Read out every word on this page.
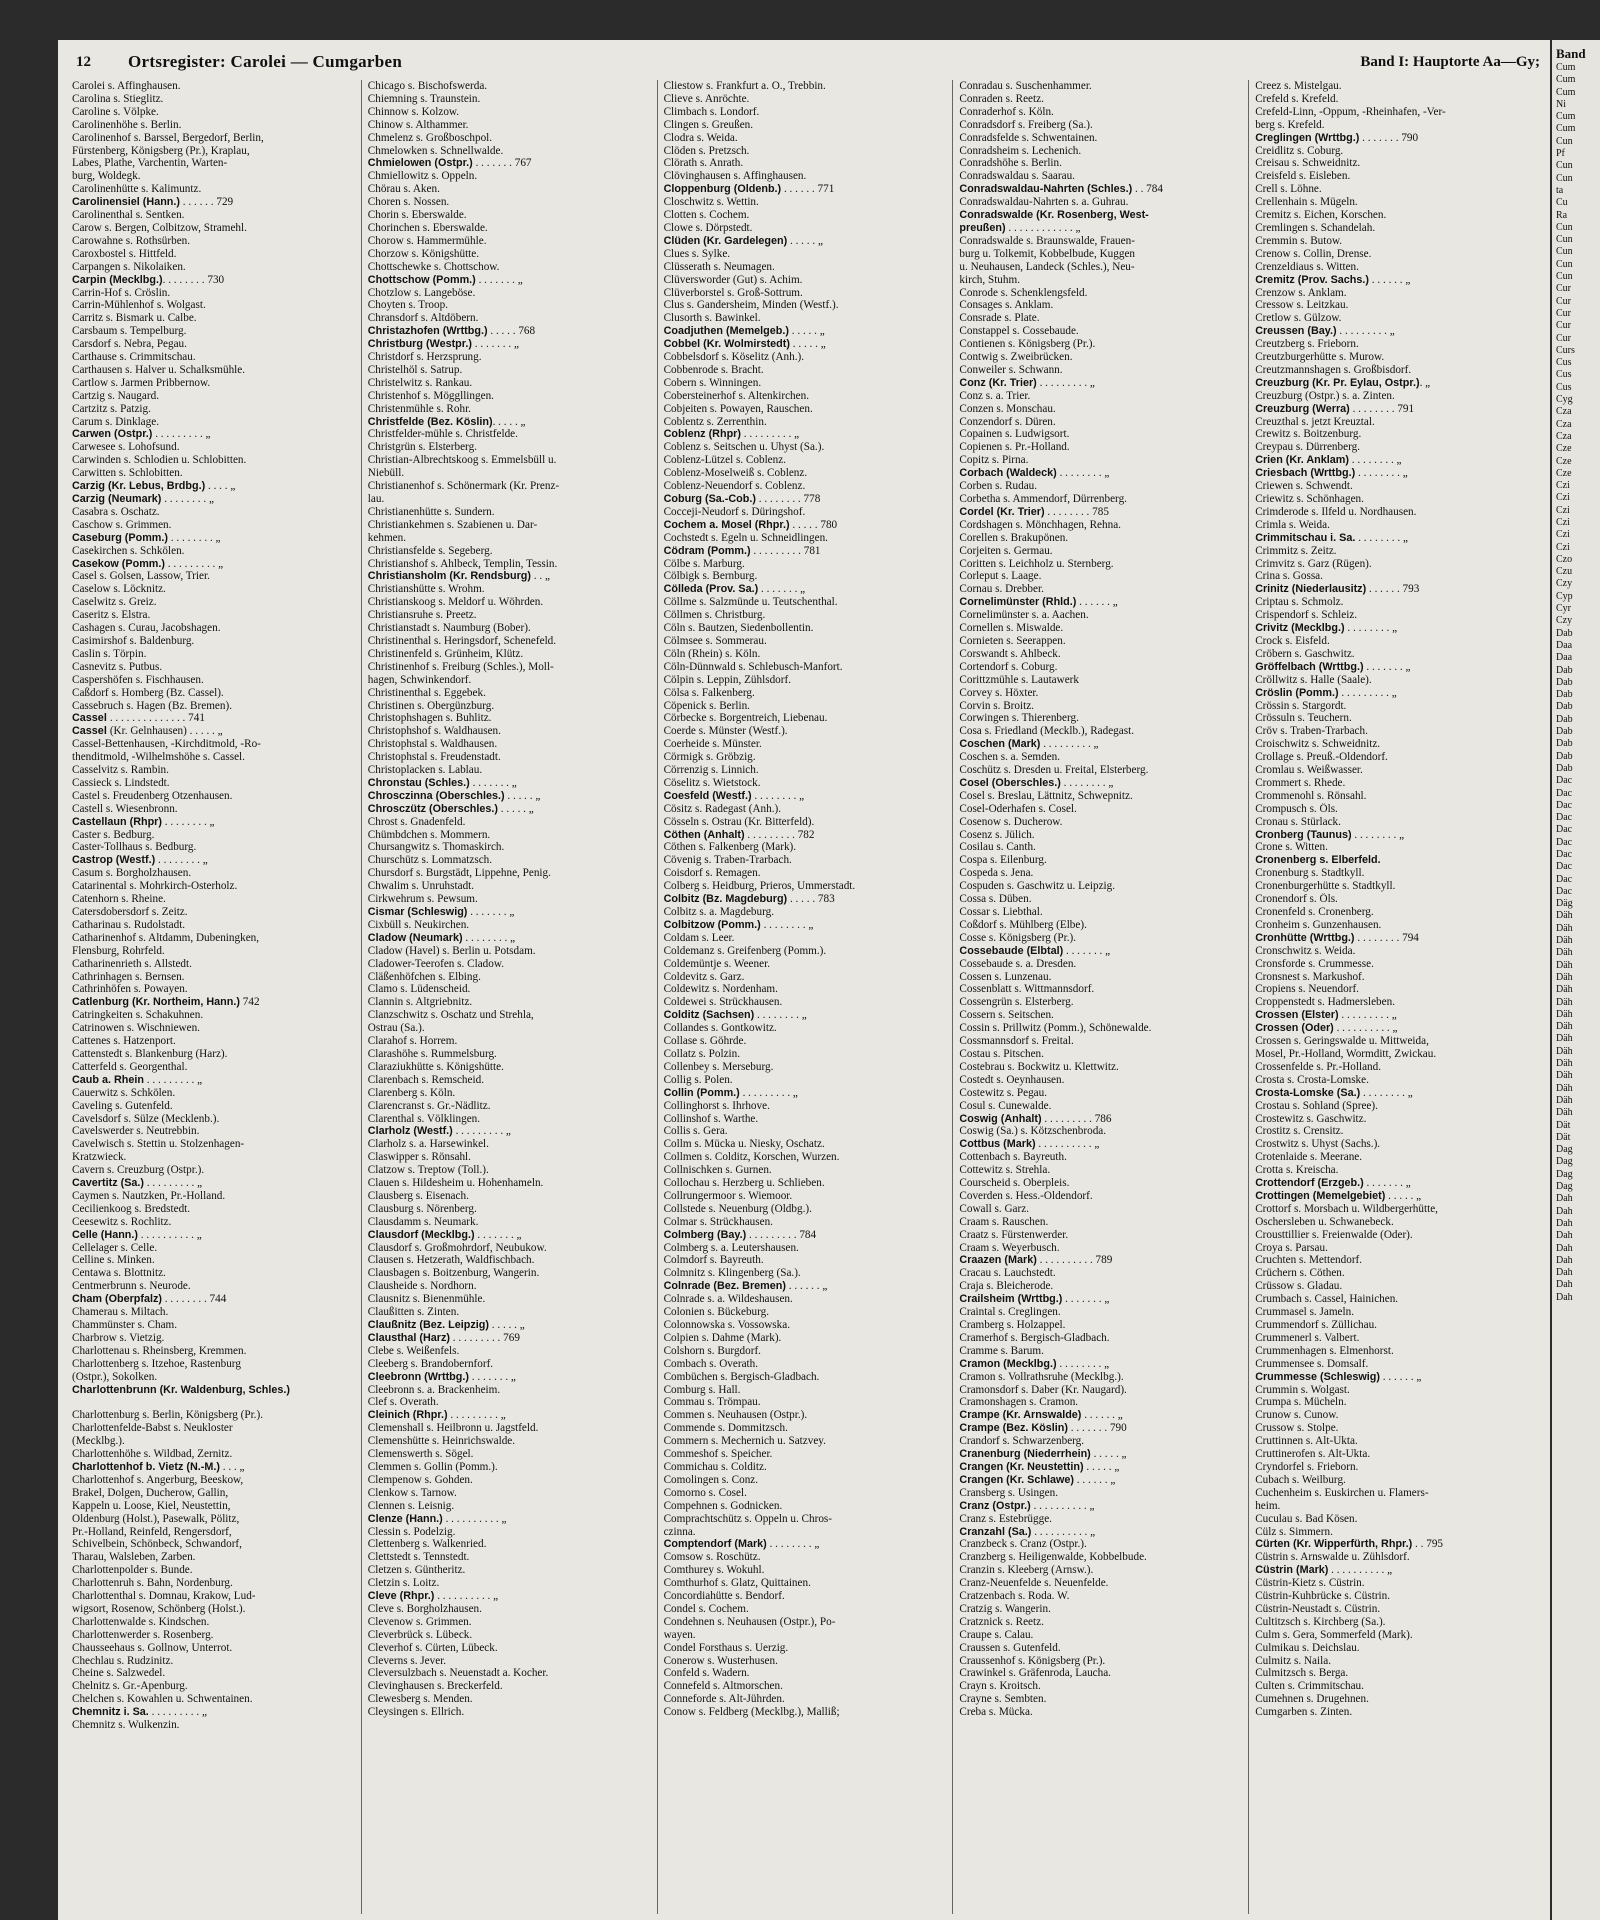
12 Ortsregister: Carolei — Cumgarben	Band I: Hauptorte Aa—Gy;
Carolei s. Affinghausen.
Carolina s. Stieglitz.
Caroline s. Völpke.
Carolinenhöhe s. Berlin.
Carolinenhof s. Barssel, Bergedorf, Berlin,
Fürstenberg, Königsberg (Pr.), Kraplau,
Labes, Plathe, Varchentin, Warten-
burg, Woldegk.
Carolinenhütte s. Kalimuntz.
Carolinensiel (Hann.) . . . . . . 729
Carolinenthal s. Sentken.
Carow s. Bergen, Colbitzow, Stramehl.
Carowahne s. Rothsürben.
Caroxbostel s. Hittfeld.
Carpangen s. Nikolaiken.
Carpin (Mecklbg.). . . . . . . . 730
Carrin-Hof s. Cröslin.
Carrin-Mühlenhof s. Wolgast.
Carritz s. Bismark u. Calbe.
Carsbaum s. Tempelburg.
Carsdorf s. Nebra, Pegau.
Carthause s. Crimmitschau.
Carthausen s. Halver u. Schalksmühle.
Cartlow s. Jarmen Pribbernow.
Cartzig s. Naugard.
Cartzitz s. Patzig.
Carum s. Dinklage.
Carwen (Ostpr.) . . . . . . . . . „
Carwesee s. Lohofsund.
Carwinden s. Schlodien u. Schlobitten.
Carwitten s. Schlobitten.
Carzig (Kr. Lebus, Brdbg.) . . . . „
Carzig (Neumark) . . . . . . . . „
Casabra s. Oschatz.
Caschow s. Grimmen.
Caseburg (Pomm.) . . . . . . . . „
Casekirchen s. Schkölen.
Casekow (Pomm.) . . . . . . . . . „
Casel s. Golsen, Lassow, Trier.
Caselow s. Löcknitz.
Caselwitz s. Greiz.
Caseritz s. Elstra.
Cashagen s. Curau, Jacobshagen.
Casimirshof s. Baldenburg.
Caslin s. Törpin.
Casnevitz s. Putbus.
Caspershöfen s. Fischhausen.
Caßdorf s. Homberg (Bz. Cassel).
Cassebruch s. Hagen (Bz. Bremen).
Cassel . . . . . . . . . . . . . . 741
Cassel (Kr. Gelnhausen) . . . . . „
Cassel-Bettenhausen, -Kirchditmold, -Ro-
thenditmold, -Wilhelmshöhe s. Cassel.
Casselvitz s. Rambin.
Cassieck s. Lindstedt.
Castel s. Freudenberg Otzenhausen.
Castell s. Wiesenbronn.
Castellaun (Rhpr) . . . . . . . . „
Caster s. Bedburg.
Caster-Tollhaus s. Bedburg.
Castrop (Westf.) . . . . . . . . „
Casum s. Borgholzhausen.
Catarinental s. Mohrkirch-Osterholz.
Catenhorn s. Rheine.
Catersdobersdorf s. Zeitz.
Catharinau s. Rudolstadt.
Catharinenhof s. Altdamm, Dubeningken,
Flensburg, Rohrfeld.
Catharinenrieth s. Allstedt.
Cathrinhagen s. Bernsen.
Cathrinhöfen s. Powayen.
Catlenburg (Kr. Northeim, Hann.) 742
Catringkeiten s. Schakuhnen.
Catrinowen s. Wischniewen.
Cattenes s. Hatzenport.
Cattenstedt s. Blankenburg (Harz).
Catterfeld s. Georgenthal.
Caub a. Rhein . . . . . . . . . „
Cauerwitz s. Schkölen.
Caveling s. Gutenfeld.
Cavelsdorf s. Sülze (Mecklenb.).
Cavelswerder s. Neutrebbin.
Cavelwisch s. Stettin u. Stolzenhagen-
Kratzwieck.
Cavern s. Creuzburg (Ostpr.).
Cavertitz (Sa.) . . . . . . . . . „
Caymen s. Nautzken, Pr.-Holland.
Cecilienkoog s. Bredstedt.
Ceesewitz s. Rochlitz.
Celle (Hann.) . . . . . . . . . . „
Cellelager s. Celle.
Celline s. Minken.
Centawa s. Blottnitz.
Centmerbrunn s. Neurode.
Cham (Oberpfalz) . . . . . . . . 744
Chamerau s. Miltach.
Chammünster s. Cham.
Charbrow s. Vietzig.
Charlottenau s. Rheinsberg, Kremmen.
Charlottenberg s. Itzehoe, Rastenburg
(Ostpr.), Sokolken.
Charlottenbrunn (Kr. Waldenburg, Schles.)

Charlottenburg s. Berlin, Königsberg (Pr.).
Charlottenfelde-Babst s. Neukloster
(Mecklbg.).
Charlottenhöhe s. Wildbad, Zernitz.
Charlottenhof b. Vietz (N.-M.) . . . „
Charlottenhof s. Angerburg, Beeskow,
Brakel, Dolgen, Ducherow, Gallin,
Kappeln u. Loose, Kiel, Neustettin,
Oldenburg (Holst.), Pasewalk, Pölitz,
Pr.-Holland, Reinfeld, Rengersdorf,
Schivelbein, Schönbeck, Schwandorf,
Tharau, Walsleben, Zarben.
Charlottenpolder s. Bunde.
Charlottenruh s. Bahn, Nordenburg.
Charlottenthal s. Domnau, Krakow, Lud-
wigsort, Rosenow, Schönberg (Holst.).
Charlottenwalde s. Kindschen.
Charlottenwerder s. Rosenberg.
Chausseehaus s. Gollnow, Unterrot.
Chechlau s. Rudzinitz.
Cheine s. Salzwedel.
Chelnitz s. Gr.-Apenburg.
Chelchen s. Kowahlen u. Schwentainen.
Chemnitz i. Sa. . . . . . . . . . „
Chemnitz s. Wulkenzin.
Chicago s. Bischofswerda.
Chiemning s. Traunstein.
Chinnow s. Kolzow.
Chinow s. Althammer.
Chmelenz s. Großboschpol.
Chmelowken s. Schnellwalde.
Chmielowen (Ostpr.) . . . . . . . 767
Chmiellowitz s. Oppeln.
Chörau s. Aken.
Choren s. Nossen.
Chorin s. Eberswalde.
Chorinchen s. Eberswalde.
Chorow s. Hammermühle.
Chorzow s. Königshütte.
Chottschewke s. Chottschow.
Chottschow (Pomm.) . . . . . . . „
Chotzlow s. Langeböse.
Choyten s. Troop.
Chransdorf s. Altdöbern.
Christazhofen (Wrttbg.) . . . . . 768
Christburg (Westpr.) . . . . . . . „
Christdorf s. Herzsprung.
Christelhöl s. Satrup.
Christelwitz s. Rankau.
Christenhof s. Möggllingen.
Christenmühle s. Rohr.
Christfelde (Bez. Köslin). . . . . „
Christfelder-mühle s. Christfelde.
Christgrün s. Elsterberg.
Christian-Albrechtskoog s. Emmelsbüll u.
Niebüll.
Christianenhof s. Schönermark (Kr. Prenz-
lau.
Christianenhütte s. Sundern.
Christiankehmen s. Szabienen u. Dar-
kehmen.
Christiansfelde s. Segeberg.
Christianshof s. Ahlbeck, Templin, Tessin.
Christiansholm (Kr. Rendsburg) . . „
Christianshütte s. Wrohm.
Christianskoog s. Meldorf u. Wöhrden.
Christiansruhe s. Preetz.
Christianstadt s. Naumburg (Bober).
Christinenthal s. Heringsdorf, Schenefeld.
Christinenfeld s. Grünheim, Klütz.
Christinenhof s. Freiburg (Schles.), Moll-
hagen, Schwinkendorf.
Christinenthal s. Eggebek.
Christinen s. Obergünzburg.
Christophshagen s. Buhlitz.
Christophshof s. Waldhausen.
Christophstal s. Waldhausen.
Christophstal s. Freudenstadt.
Christoplacken s. Lablau.
Chronstau (Schles.) . . . . . . . „
Chrosczinna (Oberschles.) . . . . . „
Chrosczütz (Oberschles.) . . . . . „
Chrost s. Gnadenfeld.
Chümbdchen s. Mommern.
Chursangwitz s. Thomaskirch.
Churschütz s. Lommatzsch.
Chursdorf s. Burgstädt, Lippehne, Penig.
Chwalim s. Unruhstadt.
Cirkwehrum s. Pewsum.
Cismar (Schleswig) . . . . . . . „
Cixbüll s. Neukirchen.
Cladow (Neumark) . . . . . . . . „
Cladow (Havel) s. Berlin u. Potsdam.
Cladower-Teerofen s. Cladow.
Cläßenhöfchen s. Elbing.
Clamo s. Lüdenscheid.
Clannin s. Altgriebnitz.
Clanzschwitz s. Oschatz und Strehla,
Ostrau (Sa.).
Clarahof s. Horrem.
Clarashöhe s. Rummelsburg.
Claraziukhütte s. Königshütte.
Clarenbach s. Remscheid.
Clarenberg s. Köln.
Clarencranst s. Gr.-Nädlitz.
Clarenthal s. Völklingen.
Clarholz (Westf.) . . . . . . . . . „
Clarholz s. a. Harsewinkel.
Claswipper s. Rönsahl.
Clatzow s. Treptow (Toll.).
Clauen s. Hildesheim u. Hohenhameln.
Clausberg s. Eisenach.
Clausburg s. Nörenberg.
Clausdamm s. Neumark.
Clausdorf (Mecklbg.) . . . . . . . „
Clausdorf s. Großmohrdorf, Neubukow.
Clausen s. Hetzerath, Waldfischbach.
Clausbagen s. Boitzenburg, Wangerin.
Clausheide s. Nordhorn.
Clausnitz s. Bienenmühle.
Claußitten s. Zinten.
Claußnitz (Bez. Leipzig) . . . . . „
Clausthal (Harz) . . . . . . . . . 769
Clebe s. Weißenfels.
Cleeberg s. Brandobernforf.
Cleebronn (Wrttbg.) . . . . . . . „
Cleebronn s. a. Brackenheim.
Clef s. Overath.
Cleinich (Rhpr.) . . . . . . . . . „
Clemenshall s. Heilbronn u. Jagstfeld.
Clemenshütte s. Heinrichswalde.
Clemenswerth s. Sögel.
Clemmen s. Gollin (Pomm.).
Clempenow s. Gohden.
Clenkow s. Tarnow.
Clennen s. Leisnig.
Clenze (Hann.) . . . . . . . . . . „
Clessin s. Podelzig.
Clettenberg s. Walkenried.
Clettstedt s. Tennstedt.
Cletzen s. Güntheritz.
Cletzin s. Loitz.
Cleve (Rhpr.) . . . . . . . . . . „
Cleve s. Borgholzhausen.
Clevenow s. Grimmen.
Cleverbrück s. Lübeck.
Cleverhof s. Cürten, Lübeck.
Cleverns s. Jever.
Cleversulzbach s. Neuenstadt a. Kocher.
Clevinghausen s. Breckerfeld.
Clewesberg s. Menden.
Cleysingen s. Ellrich.
Cliestow s. Frankfurt a. O., Trebbin.
Clieve s. Anröchte.
Climbach s. Londorf.
Clingen s. Greußen.
Clodra s. Weida.
Clöden s. Pretzsch.
Clörath s. Anrath.
Clövinghausen s. Affinghausen.
Cloppenburg (Oldenb.) . . . . . . 771
Closchwitz s. Wettin.
Clotten s. Cochem.
Clowe s. Dörpstedt.
Clüden (Kr. Gardelegen) . . . . . „
Clues s. Sylke.
Clüsserath s. Neumagen.
Clüversworder (Gut) s. Achim.
Clüverborstel s. Groß-Sottrum.
Clus s. Gandersheim, Minden (Westf.).
Clusorth s. Bawinkel.
Coadjuthen (Memelgeb.) . . . . . „
Cobbel (Kr. Wolmirstedt) . . . . . „
Cobbelsdorf s. Köselitz (Anh.).
Cobbenrode s. Bracht.
Cobern s. Winningen.
Cobersteinerhof s. Altenkirchen.
Cobjeiten s. Powayen, Rauschen.
Coblentz s. Zerrenthin.
Coblenz (Rhpr) . . . . . . . . . „
Coblenz s. Seitschen u. Uhyst (Sa.).
Coblenz-Lützel s. Coblenz.
Coblenz-Moselweiß s. Coblenz.
Coblenz-Neuendorf s. Coblenz.
Coburg (Sa.-Cob.) . . . . . . . . 778
Cocceji-Neudorf s. Düringshof.
Cochem a. Mosel (Rhpr.) . . . . . 780
Cochstedt s. Egeln u. Schneidlingen.
Cödram (Pomm.) . . . . . . . . . 781
Cölbe s. Marburg.
Cölbigk s. Bernburg.
Cölleda (Prov. Sa.) . . . . . . . „
Cöllme s. Salzmünde u. Teutschenthal.
Cöllmen s. Christburg.
Cöln s. Bautzen, Siedenbollentin.
Cölmsee s. Sommerau.
Cöln (Rhein) s. Köln.
Cöln-Dünnwald s. Schlebusch-Manfort.
Cölpin s. Leppin, Zühlsdorf.
Cölsa s. Falkenberg.
Cöpenick s. Berlin.
Cörbecke s. Borgentreich, Liebenau.
Coerde s. Münster (Westf.).
Coerheide s. Münster.
Cörmigk s. Gröbzig.
Cörrenzig s. Linnich.
Cöselitz s. Wietstock.
Coesfeld (Westf.) . . . . . . . . „
Cösitz s. Radegast (Anh.).
Cösseln s. Ostrau (Kr. Bitterfeld).
Cöthen (Anhalt) . . . . . . . . . 782
Cöthen s. Falkenberg (Mark).
Cövenig s. Traben-Trarbach.
Coisdorf s. Remagen.
Colberg s. Heidburg, Prieros, Ummerstadt.
Colbitz (Bz. Magdeburg) . . . . . 783
Colbitz s. a. Magdeburg.
Colbitzow (Pomm.) . . . . . . . . „
Coldam s. Leer.
Coldemanz s. Greifenberg (Pomm.).
Coldemüntje s. Weener.
Coldevitz s. Garz.
Coldewitz s. Nordenham.
Coldewei s. Strückhausen.
Colditz (Sachsen) . . . . . . . . „
Collandes s. Gontkowitz.
Collase s. Göhrde.
Collatz s. Polzin.
Collenbey s. Merseburg.
Collig s. Polen.
Collin (Pomm.) . . . . . . . . . „
Collinghorst s. Ihrhove.
Collinshof s. Warthe.
Collis s. Gera.
Collm s. Mücka u. Niesky, Oschatz.
Collmen s. Colditz, Korschen, Wurzen.
Collnischken s. Gurnen.
Collochau s. Herzberg u. Schlieben.
Collrungermoor s. Wiemoor.
Collstede s. Neuenburg (Oldbg.).
Colmar s. Strückhausen.
Colmberg (Bay.) . . . . . . . . . 784
Colmberg s. a. Leutershausen.
Colmdorf s. Bayreuth.
Colmnitz s. Klingenberg (Sa.).
Colnrade (Bez. Bremen) . . . . . . „
Colnrade s. a. Wildeshausen.
Colonien s. Bückeburg.
Colonnowska s. Vossowska.
Colpien s. Dahme (Mark).
Colshorn s. Burgdorf.
Combach s. Overath.
Combüchen s. Bergisch-Gladbach.
Comburg s. Hall.
Commau s. Trömpau.
Commen s. Neuhausen (Ostpr.).
Commende s. Dommitzsch.
Commern s. Mechernich u. Satzvey.
Commeshof s. Speicher.
Commichau s. Colditz.
Comolingen s. Conz.
Comorno s. Cosel.
Compehnen s. Godnicken.
Comprachtschütz s. Oppeln u. Chros-
czinna.
Comptendorf (Mark) . . . . . . . . „
Comsow s. Roschütz.
Comthurey s. Wokuhl.
Comthurhof s. Glatz, Quittainen.
Concordiahütte s. Bendorf.
Condel s. Cochem.
Condehnen s. Neuhausen (Ostpr.), Po-
wayen.
Condel Forsthaus s. Uerzig.
Conerow s. Wusterhusen.
Confeld s. Wadern.
Connefeld s. Altmorschen.
Conneforde s. Alt-Jührden.
Conow s. Feldberg (Mecklbg.), Malliß;
Conradau s. Suschenhammer.
Conraden s. Reetz.
Conraderhof s. Köln.
Conradsdorf s. Freiberg (Sa.).
Conradsfelde s. Schwentainen.
Conradsheim s. Lechenich.
Conradshöhe s. Berlin.
Conradswaldau s. Saarau.
Conradswaldau-Nahrten (Schles.) . . 784
Conradswaldau-Nahrten s. a. Guhrau.
Conradswalde (Kr. Rosenberg, West-
preußen) . . . . . . . . . . . . „
Conradswalde s. Braunswalde, Frauen-
burg u. Tolkemit, Kobbelbude, Kuggen
u. Neuhausen, Landeck (Schles.), Neu-
kirch, Stuhm.
Conrode s. Schenklengsfeld.
Consages s. Anklam.
Consrade s. Plate.
Constappel s. Cossebaude.
Contienen s. Königsberg (Pr.).
Contwig s. Zweibrücken.
Conweiler s. Schwann.
Conz (Kr. Trier) . . . . . . . . . „
Conz s. a. Trier.
Conzen s. Monschau.
Conzendorf s. Düren.
Copainen s. Ludwigsort.
Copienen s. Pr.-Holland.
Copitz s. Pirna.
Corbach (Waldeck) . . . . . . . . „
Corben s. Rudau.
Corbetha s. Ammendorf, Dürrenberg.
Cordel (Kr. Trier) . . . . . . . . 785
Cordshagen s. Mönchhagen, Rehna.
Corellen s. Brakupönen.
Corjeiten s. Germau.
Coritten s. Leichholz u. Sternberg.
Corleput s. Laage.
Cornau s. Drebber.
Cornelimünster (Rhld.) . . . . . . „
Cornelimünster s. a. Aachen.
Cornellen s. Miswalde.
Cornieten s. Seerappen.
Corswandt s. Ahlbeck.
Cortendorf s. Coburg.
Corittzmühle s. Lautawerk
Corvey s. Höxter.
Corvin s. Broitz.
Corwingen s. Thierenberg.
Cosa s. Friedland (Mecklb.), Radegast.
Coschen (Mark) . . . . . . . . . „
Coschen s. a. Semden.
Coschütz s. Dresden u. Freital, Elsterberg.
Cosel (Oberschles.) . . . . . . . . „
Cosel s. Breslau, Lättnitz, Schwepnitz.
Cosel-Oderhafen s. Cosel.
Cosenow s. Ducherow.
Cosenz s. Jülich.
Cosilau s. Canth.
Cospa s. Eilenburg.
Cospeda s. Jena.
Cospuden s. Gaschwitz u. Leipzig.
Cossa s. Düben.
Cossar s. Liebthal.
Coßdorf s. Mühlberg (Elbe).
Cosse s. Königsberg (Pr.).
Cossebaude (Elbtal) . . . . . . . „
Cossebaude s. a. Dresden.
Cossen s. Lunzenau.
Cossenblatt s. Wittmannsdorf.
Cossengrün s. Elsterberg.
Cossern s. Seitschen.
Cossin s. Prillwitz (Pomm.), Schönewalde.
Cossmannsdorf s. Freital.
Costau s. Pitschen.
Costebrau s. Bockwitz u. Klettwitz.
Costedt s. Oeynhausen.
Costewitz s. Pegau.
Cosul s. Cunewalde.
Coswig (Anhalt) . . . . . . . . . 786
Coswig (Sa.) s. Kötzschenbroda.
Cottbus (Mark) . . . . . . . . . . „
Cottenbach s. Bayreuth.
Cottewitz s. Strehla.
Courscheid s. Oberpleis.
Coverden s. Hess.-Oldendorf.
Cowall s. Garz.
Craam s. Rauschen.
Craatz s. Fürstenwerder.
Craam s. Weyerbusch.
Craazen (Mark) . . . . . . . . . . 789
Cracau s. Lauchstedt.
Craja s. Bleicherode.
Crailsheim (Wrttbg.) . . . . . . . „
Craintal s. Creglingen.
Cramberg s. Holzappel.
Cramerhof s. Bergisch-Gladbach.
Cramme s. Barum.
Cramon (Mecklbg.) . . . . . . . . „
Cramon s. Vollrathsruhe (Mecklbg.).
Cramonsdorf s. Daber (Kr. Naugard).
Cramonshagen s. Cramon.
Crampe (Kr. Arnswalde) . . . . . . „
Crampe (Bez. Köslin) . . . . . . . 790
Crandorf s. Schwarzenberg.
Cranenburg (Niederrhein) . . . . . „
Crangen (Kr. Neustettin) . . . . . „
Crangen (Kr. Schlawe) . . . . . . „
Cransberg s. Usingen.
Cranz (Ostpr.) . . . . . . . . . . „
Cranz s. Estebrügge.
Cranzahl (Sa.) . . . . . . . . . . „
Cranzbeck s. Cranz (Ostpr.).
Cranzberg s. Heiligenwalde, Kobbelbude.
Cranzin s. Kleeberg (Arnsw.).
Cranz-Neuenfelde s. Neuenfelde.
Cratzenbach s. Roda. W.
Cratzig s. Wangerin.
Cratznick s. Reetz.
Craupe s. Calau.
Craussen s. Gutenfeld.
Craussenhof s. Königsberg (Pr.).
Crawinkel s. Gräfenroda, Laucha.
Crayn s. Kroitsch.
Crayne s. Sembten.
Creba s. Mücka.
Creez s. Mistelgau.
Crefeld s. Krefeld.
Crefeld-Linn, -Oppum, -Rheinhafen, -Ver-
berg s. Krefeld.
Creglingen (Wrttbg.) . . . . . . . 790
Creidlitz s. Coburg.
Creisau s. Schweidnitz.
Creisfeld s. Eisleben.
Crell s. Löhne.
Crellenhain s. Mügeln.
Cremitz s. Eichen, Korschen.
Cremlingen s. Schandelah.
Cremmin s. Butow.
Crenow s. Collin, Drense.
Crenzeldiaus s. Witten.
Cremitz (Prov. Sachs.) . . . . . . „
Crenzow s. Anklam.
Cressow s. Leitzkau.
Cretlow s. Gülzow.
Creussen (Bay.) . . . . . . . . . „
Creutzberg s. Frieborn.
Creutzburgerhütte s. Murow.
Creutzmannshagen s. Großbisdorf.
Creuzburg (Kr. Pr. Eylau, Ostpr.). „
Creuzburg (Ostpr.) s. a. Zinten.
Creuzburg (Werra) . . . . . . . . 791
Creuzthal s. jetzt Kreuztal.
Crewitz s. Boitzenburg.
Creypau s. Dürrenberg.
Crien (Kr. Anklam) . . . . . . . . „
Criesbach (Wrttbg.) . . . . . . . . „
Criewen s. Schwendt.
Criewitz s. Schönhagen.
Crimderode s. Ilfeld u. Nordhausen.
Crimla s. Weida.
Crimmitschau i. Sa. . . . . . . . . „
Crimmitz s. Zeitz.
Crimvitz s. Garz (Rügen).
Crina s. Gossa.
Crinitz (Niederlausitz) . . . . . . 793
Criptau s. Schmolz.
Crispendorf s. Schleiz.
Crivitz (Mecklbg.) . . . . . . . . „
Crock s. Eisfeld.
Cröbern s. Gaschwitz.
Gröffelbach (Wrttbg.) . . . . . . . „
Cröllwitz s. Halle (Saale).
Cröslin (Pomm.) . . . . . . . . . „
Crössin s. Stargordt.
Crössuln s. Teuchern.
Cröv s. Traben-Trarbach.
Croischwitz s. Schweidnitz.
Crollage s. Preuß.-Oldendorf.
Cromlau s. Weißwasser.
Crommert s. Rhede.
Crommenohl s. Rönsahl.
Crompusch s. Öls.
Cronau s. Stürlack.
Cronberg (Taunus) . . . . . . . . „
Crone s. Witten.
Cronenberg s. Elberfeld.
Cronenburg s. Stadtkyll.
Cronenburgerhütte s. Stadtkyll.
Cronendorf s. Öls.
Cronenfeld s. Cronenberg.
Cronheim s. Gunzenhausen.
Cronhütte (Wrttbg.) . . . . . . . . 794
Cronschwitz s. Weida.
Cronsforde s. Crummesse.
Cronsnest s. Markushof.
Cropiens s. Neuendorf.
Croppenstedt s. Hadmersleben.
Crossen (Elster) . . . . . . . . . „
Crossen (Oder) . . . . . . . . . . „
Crossen s. Geringswalde u. Mittweida,
Mosel, Pr.-Holland, Wormditt, Zwickau.
Crossenfelde s. Pr.-Holland.
Crosta s. Crosta-Lomske.
Crosta-Lomske (Sa.) . . . . . . . . „
Crostau s. Sohland (Spree).
Crostewitz s. Gaschwitz.
Crostitz s. Crensitz.
Crostwitz s. Uhyst (Sachs.).
Crotenlaide s. Meerane.
Crotta s. Kreischa.
Crottendorf (Erzgeb.) . . . . . . . „
Crottingen (Memelgebiet) . . . . . „
Crottorf s. Morsbach u. Wildbergerhütte,
Oschersleben u. Schwanebeck.
Crousttillier s. Freienwalde (Oder).
Croya s. Parsau.
Cruchten s. Mettendorf.
Crüchern s. Cöthen.
Crüssow s. Gladau.
Crumbach s. Cassel, Hainichen.
Crummasel s. Jameln.
Crummendorf s. Züllichau.
Crummenerl s. Valbert.
Crummenhagen s. Elmenhorst.
Crummensee s. Domsalf.
Crummesse (Schleswig) . . . . . . „
Crummin s. Wolgast.
Crumpa s. Mücheln.
Crunow s. Cunow.
Crussow s. Stolpe.
Cruttinnen s. Alt-Ukta.
Cruttinerofen s. Alt-Ukta.
Cryndorfel s. Frieborn.
Cubach s. Weilburg.
Cuchenheim s. Euskirchen u. Flamers-
heim.
Cuculau s. Bad Kösen.
Cülz s. Simmern.
Cürten (Kr. Wipperfürth, Rhpr.) . . 795
Cüstrin s. Arnswalde u. Zühlsdorf.
Cüstrin (Mark) . . . . . . . . . . „
Cüstrin-Kietz s. Cüstrin.
Cüstrin-Kuhbrücke s. Cüstrin.
Cüstrin-Neustadt s. Cüstrin.
Cultitzsch s. Kirchberg (Sa.).
Culm s. Gera, Sommerfeld (Mark).
Culmikau s. Deichslau.
Culmitz s. Naila.
Culmitzsch s. Berga.
Culten s. Crimmitschau.
Cumehnen s. Drugehnen.
Cumgarben s. Zinten.
Band
Cum
Cum
Cum
Ni
Cum
Cum
Cun
Pf
Cun
Cun
ta
Cu
Ra
Cun
Cun
Cun
Cun
Cun
Cur
Cur
Cur
Cur
Cur
Curs
Cus
Cus
Cus
Cyg
Cza
Cza
Cza
Cze
Cze
Cze
Czi
Czi
Czi
Czi
Czi
Czi
Czo
Czu
Czy
Cyp
Cyr
Czy
Dab
Daa
Daa
Dab
Dab
Dab
Dab
Dab
Dab
Dab
Dab
Dab
Dac
Dac
Dac
Dac
Dac
Dac
Dac
Dac
Dac
Dac
Däg
Däh
Däh
Däh
Däh
Däh
Däh
Däh
Däh
Däh
Däh
Däh
Däh
Däh
Däh
Däh
Däh
Däh
Dät
Dät
Dag
Dag
Dag
Dag
Dah
Dah
Dah
Dah
Dah
Dah
Dah
Dah
Dah
